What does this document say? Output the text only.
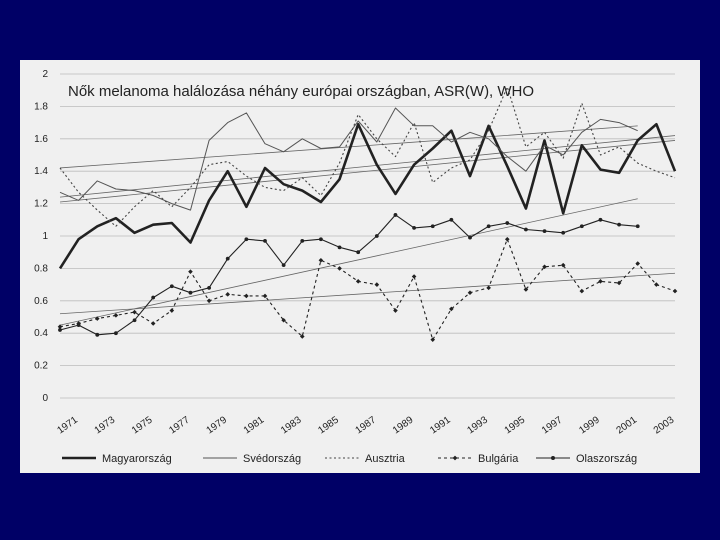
0
0.2
0.4
0.6
0.8
1
1.2
1.4
1.6
1.8
2
1971 1973 1975 1977 1979 1981 1983 1985 1987 1989 1991 1993 1995 1997 1999 2001 2003
Nők melanoma halálozása néhány európai országban, ASR(W), WHO
Magyarország	Svédország	Ausztria	Bulgária	Olaszország
